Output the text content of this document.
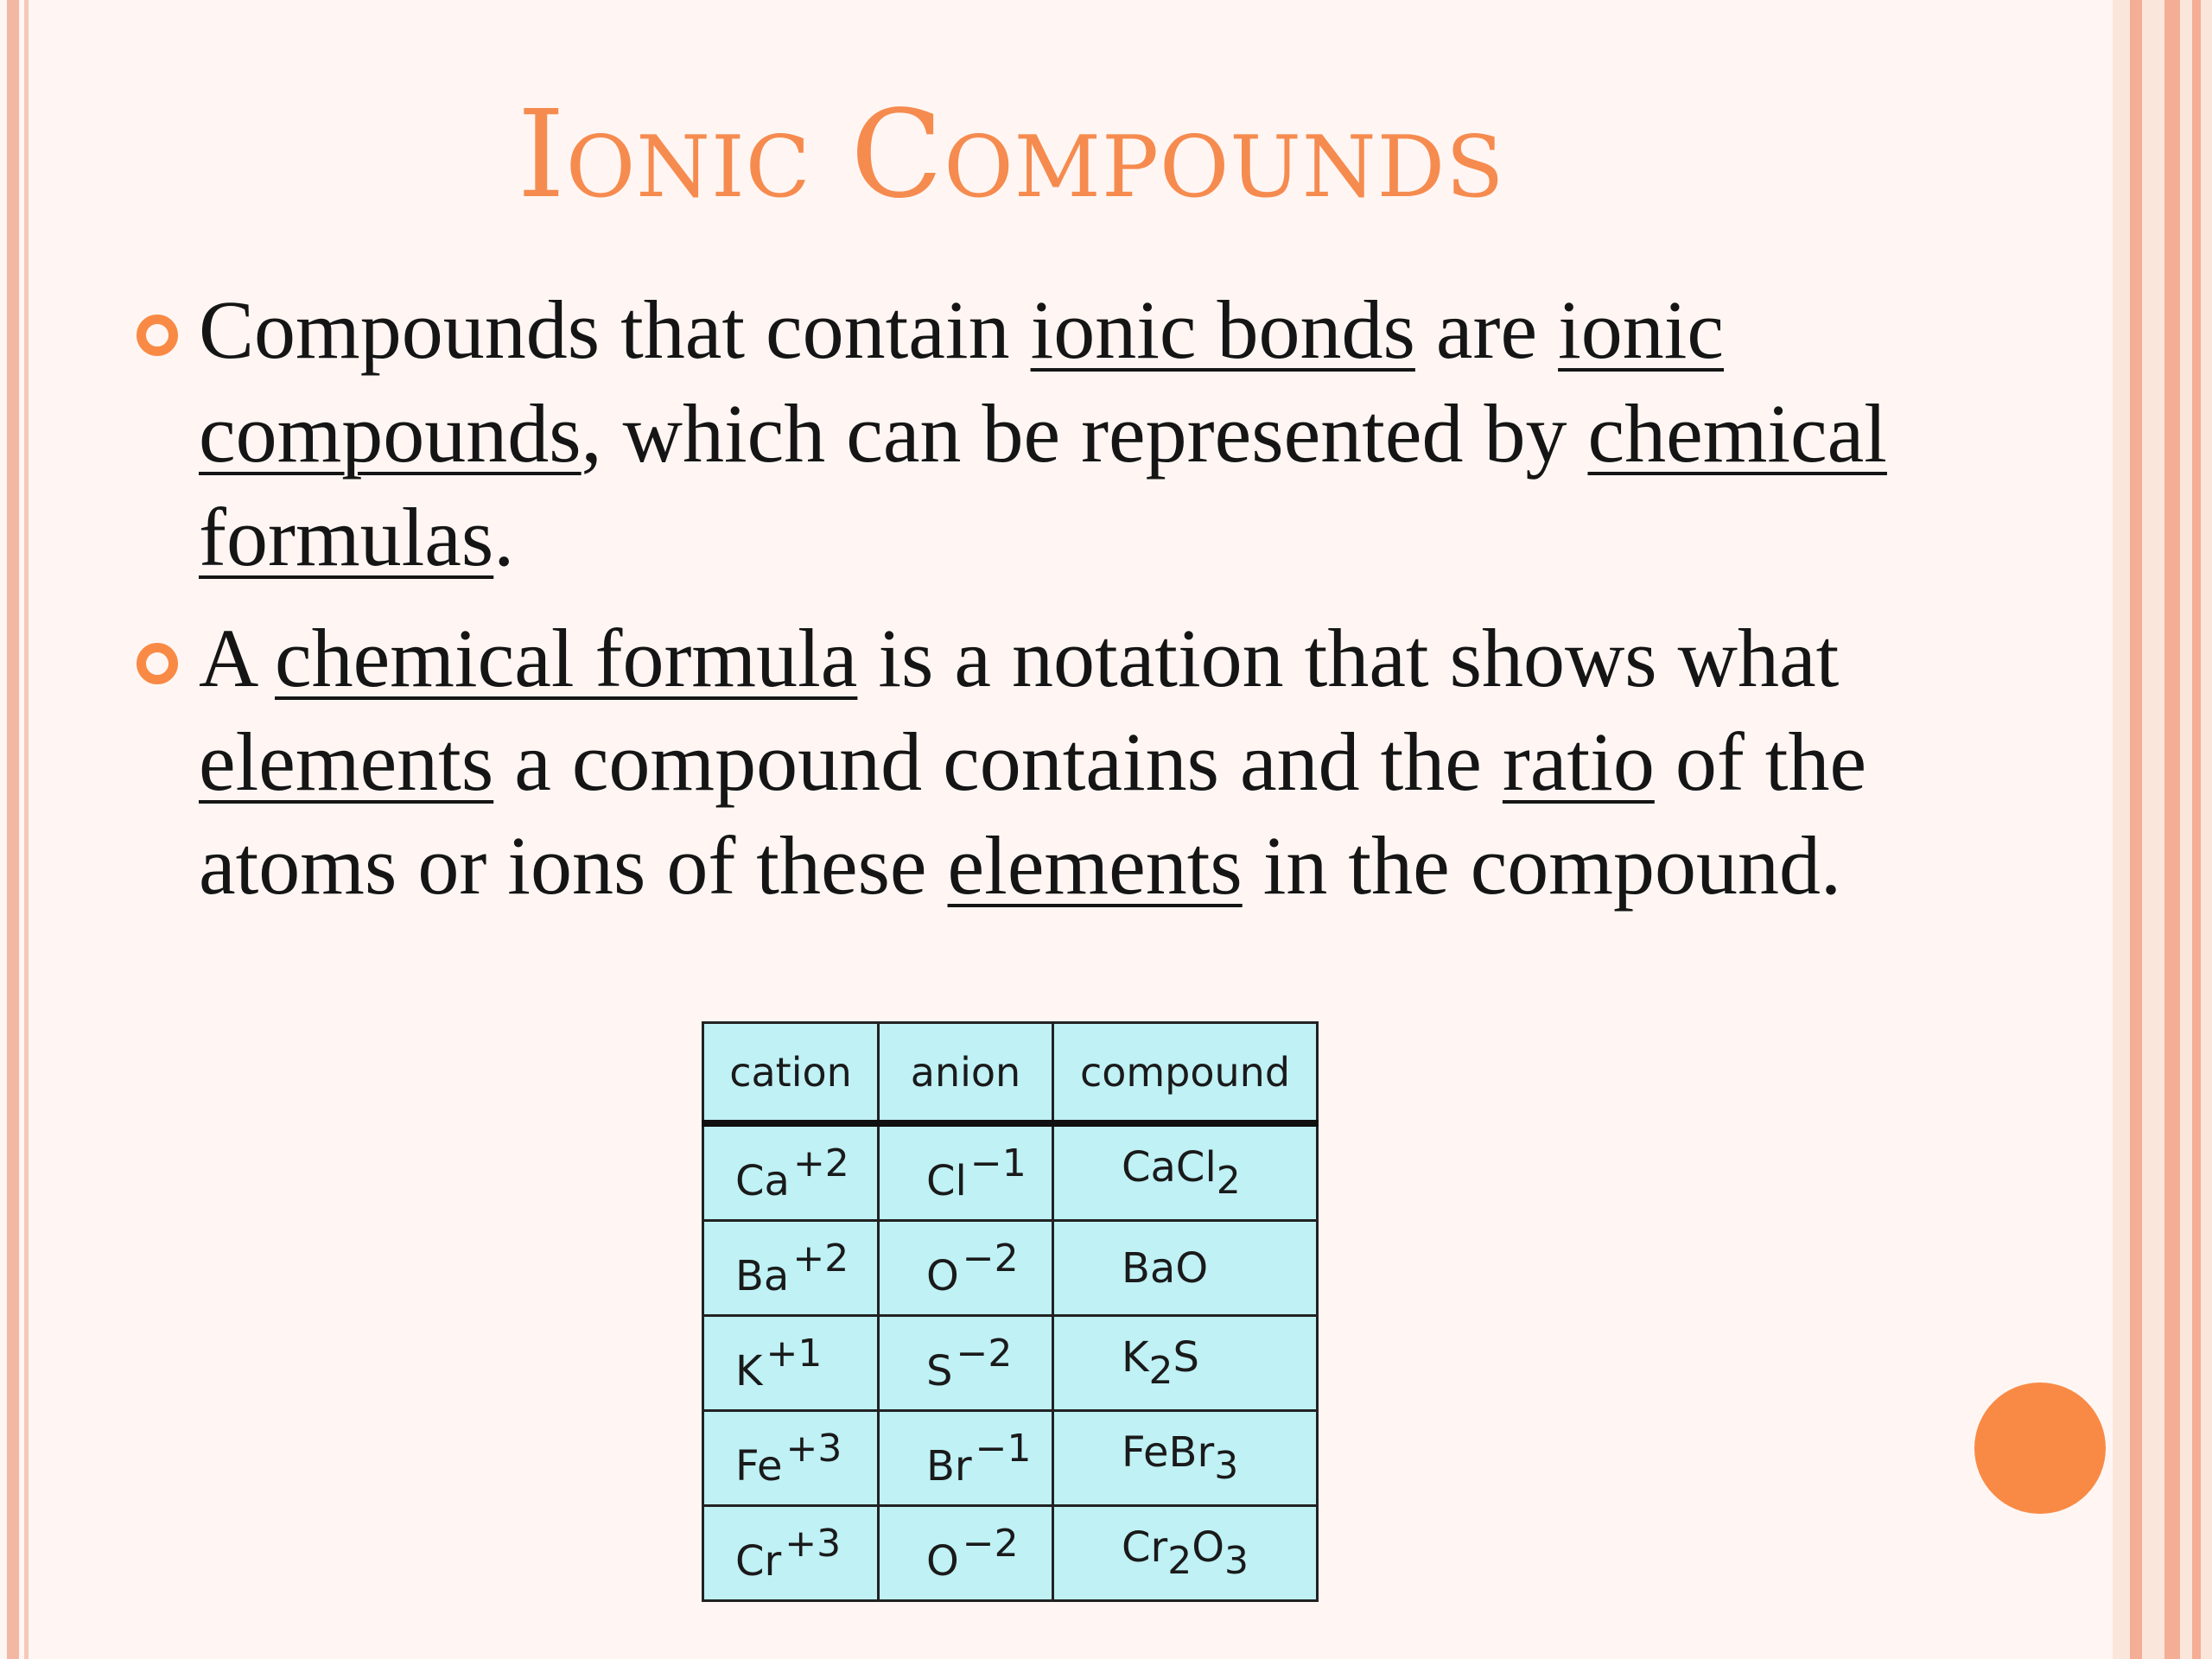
Ionic Compounds
Compounds that contain ionic bonds are ionic compounds, which can be represented by chemical formulas.
A chemical formula is a notation that shows what elements a compound contains and the ratio of the atoms or ions of these elements in the compound.
cation	anion	compound
$Ca^{+2}$	$Cl^{-1}$	CaCl$_2$
$Ba^{+2}$	$O^{-2}$	BaO
$K^{+1}$	$S^{-2}$	$K_2S$
$Fe^{+3}$	$Br^{-1}$	FeBr$_3$
$Cr^{+3}$	$O^{-2}$	$Cr_2O_3$
